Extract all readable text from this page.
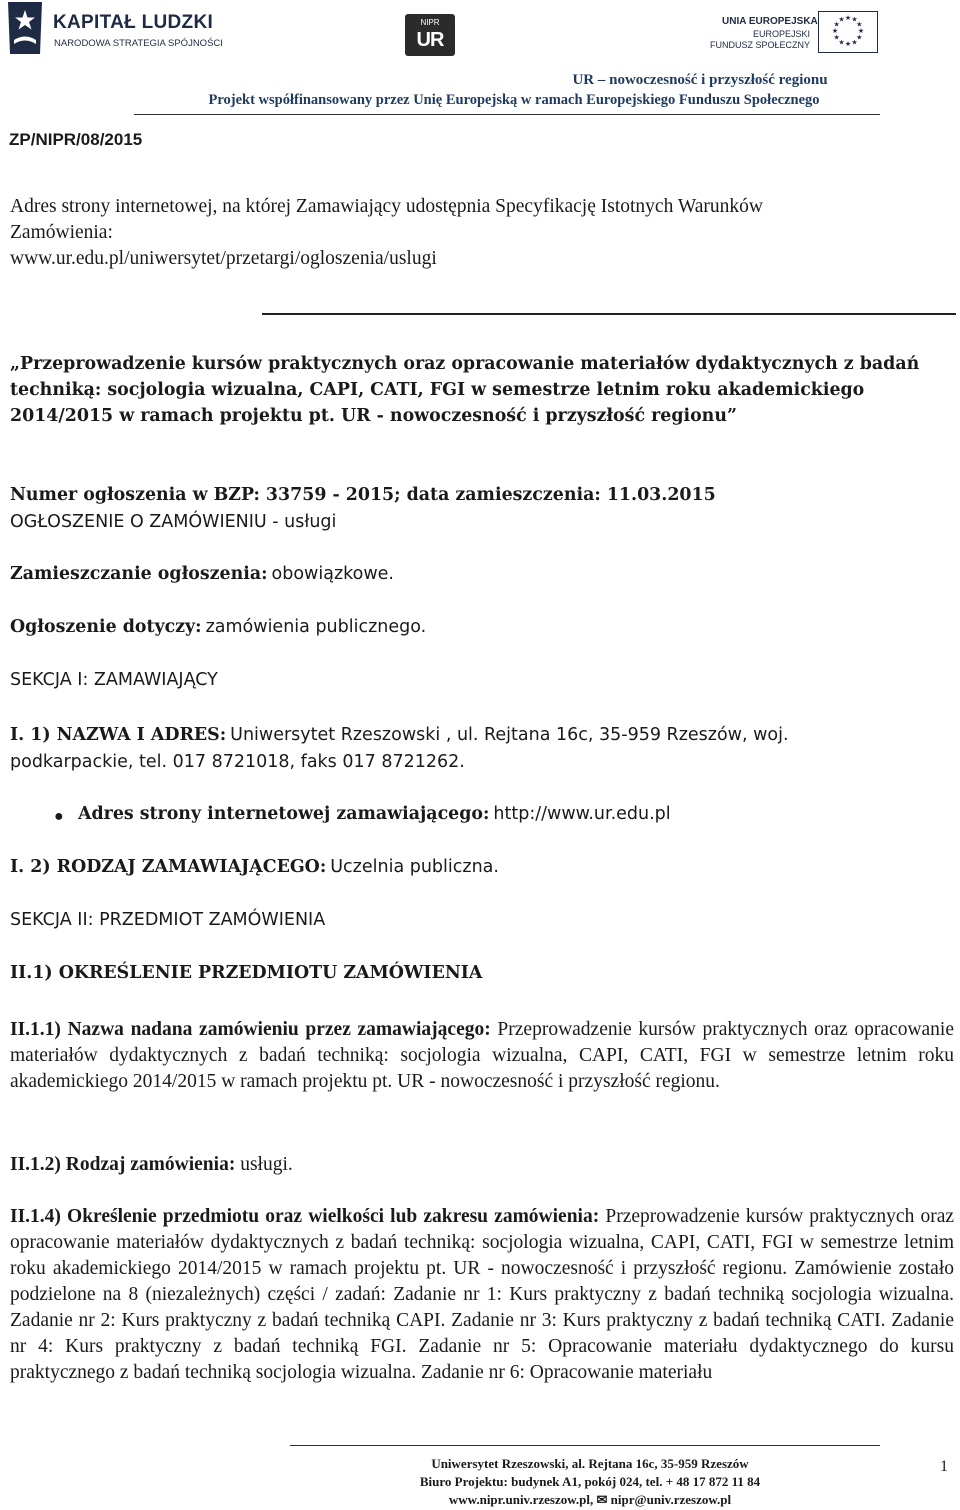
KAPITAŁ LUDZKI
NARODOWA STRATEGIA SPÓJNOŚCI
NIPR
UR
UNIA EUROPEJSKA
EUROPEJSKI
FUNDUSZ SPOŁECZNY
★ ★
★
★
★
★
★
★
★
★
★
★
UR – nowoczesność i przyszłość regionu
Projekt współfinansowany przez Unię Europejską w ramach Europejskiego Funduszu Społecznego
ZP/NIPR/08/2015
Adres strony internetowej, na której Zamawiający udostępnia Specyfikację Istotnych Warunków
Zamówienia:
www.ur.edu.pl/uniwersytet/przetargi/ogloszenia/uslugi
„Przeprowadzenie kursów praktycznych oraz opracowanie materiałów dydaktycznych z badań techniką: socjologia wizualna, CAPI, CATI, FGI w semestrze letnim roku akademickiego 2014/2015 w ramach projektu pt. UR - nowoczesność i przyszłość regionu”
Numer ogłoszenia w BZP: 33759 - 2015; data zamieszczenia: 11.03.2015
OGŁOSZENIE O ZAMÓWIENIU - usługi
Zamieszczanie ogłoszenia: obowiązkowe.
Ogłoszenie dotyczy: zamówienia publicznego.
SEKCJA I: ZAMAWIAJĄCY
I. 1) NAZWA I ADRES: Uniwersytet Rzeszowski , ul. Rejtana 16c, 35-959 Rzeszów, woj.
podkarpackie, tel. 017 8721018, faks 017 8721262.
● Adres strony internetowej zamawiającego: http://www.ur.edu.pl
I. 2) RODZAJ ZAMAWIAJĄCEGO: Uczelnia publiczna.
SEKCJA II: PRZEDMIOT ZAMÓWIENIA
II.1) OKREŚLENIE PRZEDMIOTU ZAMÓWIENIA
II.1.1) Nazwa nadana zamówieniu przez zamawiającego: Przeprowadzenie kursów praktycznych oraz opracowanie materiałów dydaktycznych z badań techniką: socjologia wizualna, CAPI, CATI, FGI w semestrze letnim roku akademickiego 2014/2015 w ramach projektu pt. UR - nowoczesność i przyszłość regionu.
II.1.2) Rodzaj zamówienia: usługi.
II.1.4) Określenie przedmiotu oraz wielkości lub zakresu zamówienia: Przeprowadzenie kursów praktycznych oraz opracowanie materiałów dydaktycznych z badań techniką: socjologia wizualna, CAPI, CATI, FGI w semestrze letnim roku akademickiego 2014/2015 w ramach projektu pt. UR - nowoczesność i przyszłość regionu. Zamówienie zostało podzielone na 8 (niezależnych) części / zadań: Zadanie nr 1: Kurs praktyczny z badań techniką socjologia wizualna. Zadanie nr 2: Kurs praktyczny z badań techniką CAPI. Zadanie nr 3: Kurs praktyczny z badań techniką CATI. Zadanie nr 4: Kurs praktyczny z badań techniką FGI. Zadanie nr 5: Opracowanie materiału dydaktycznego do kursu praktycznego z badań techniką socjologia wizualna. Zadanie nr 6: Opracowanie materiału
Uniwersytet Rzeszowski, al. Rejtana 16c, 35-959 Rzeszów
Biuro Projektu: budynek A1, pokój 024, tel. + 48 17 872 11 84
www.nipr.univ.rzeszow.pl, ✉ nipr@univ.rzeszow.pl
1
